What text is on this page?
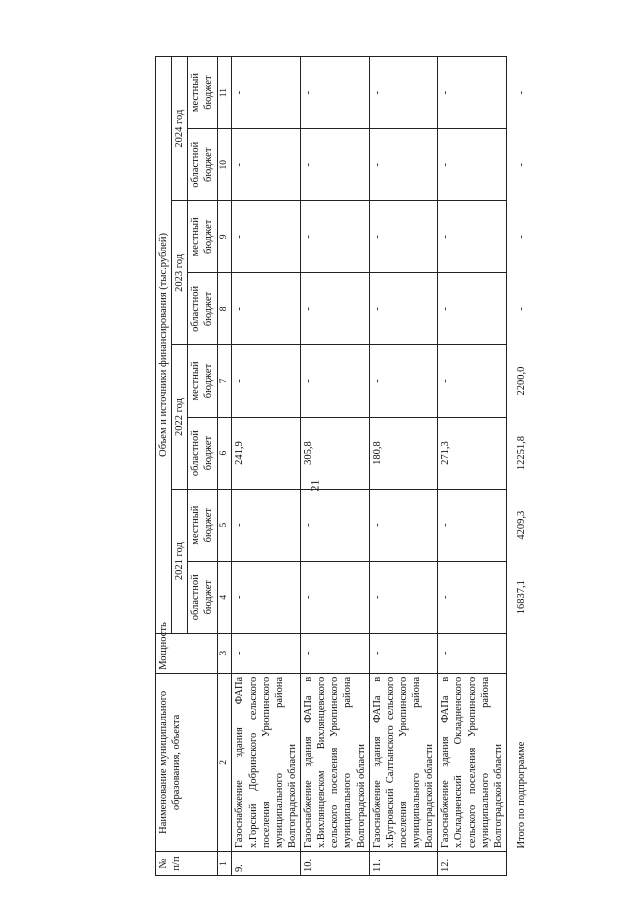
21
№ п/п	Наименование муниципального образования, объекта	Мощность	Объем и источники финансирования (тыс.рублей)							
			2021 год		2022 год		2023 год		2024 год	
			областной бюджет	местный бюджет	областной бюджет	местный бюджет	областной бюджет	местный бюджет	областной бюджет	местный бюджет
1	2	3	4	5	6	7	8	9	10	11
9.	Газоснабжение здания ФАПа х.Горский Добринского сельского поселения Урюпинского муниципального района Волгоградской области	-	-	-	241,9	-	-	-	-	-
10.	Газоснабжение здания ФАПа в х.Вихлянцевском Вихлянцевского сельского поселения Урюпинского муниципального района Волгоградской области	-	-	-	305,8	-	-	-	-	-
11.	Газоснабжение здания ФАПа в х.Бугровский Салтынского сельского поселения Урюпинского муниципального района Волгоградской области	-	-	-	180,8	-	-	-	-	-
12.	Газоснабжение здания ФАПа в х.Окладненский Окладненского сельского поселения Урюпинского муниципального района Волгоградской области	-	-	-	271,3	-	-	-	-	-
	Итого по подпрограмме		16837,1	4209,3	12251,8	2200,0	-	-	-	-
